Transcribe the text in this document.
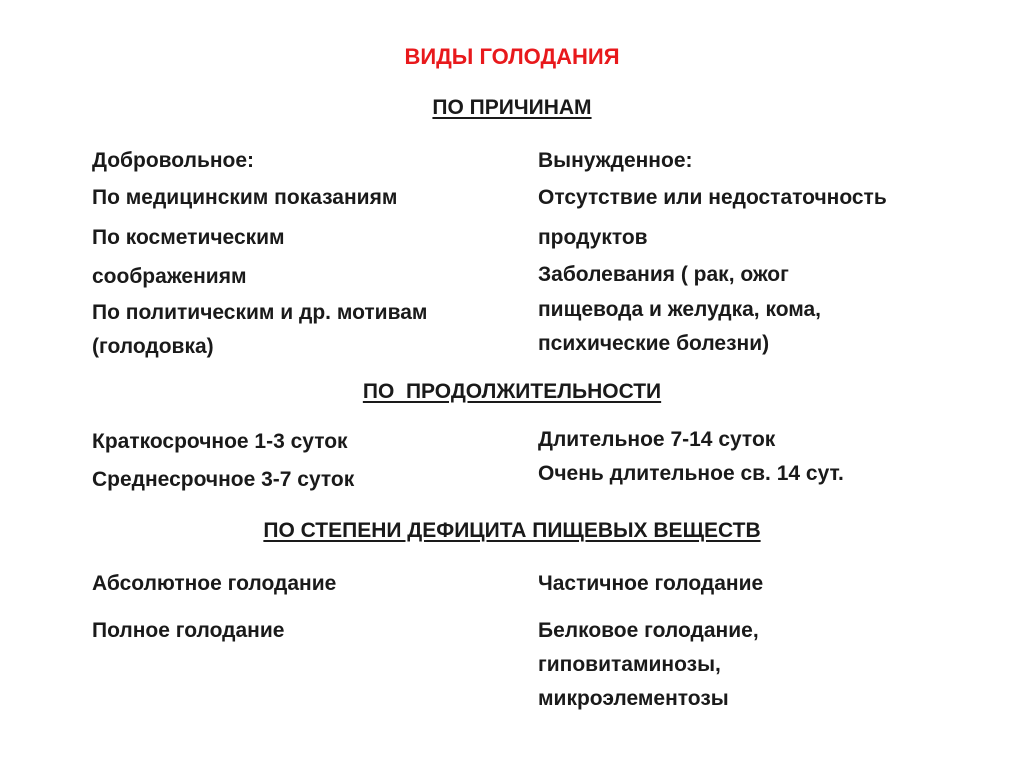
ВИДЫ ГОЛОДАНИЯ
ПО ПРИЧИНАМ
Добровольное:
По медицинским показаниям
По косметическим
соображениям
По политическим и др. мотивам
(голодовка)
Вынужденное:
Отсутствие или недостаточность
продуктов
Заболевания ( рак, ожог
пищевода и желудка, кома,
психические болезни)
ПО  ПРОДОЛЖИТЕЛЬНОСТИ
Краткосрочное 1-3 суток
Среднесрочное 3-7 суток
Длительное 7-14 суток
Очень длительное св. 14 сут.
ПО СТЕПЕНИ ДЕФИЦИТА ПИЩЕВЫХ ВЕЩЕСТВ
Абсолютное голодание
Полное голодание
Частичное голодание
Белковое голодание,
гиповитаминозы,
микроэлементозы
